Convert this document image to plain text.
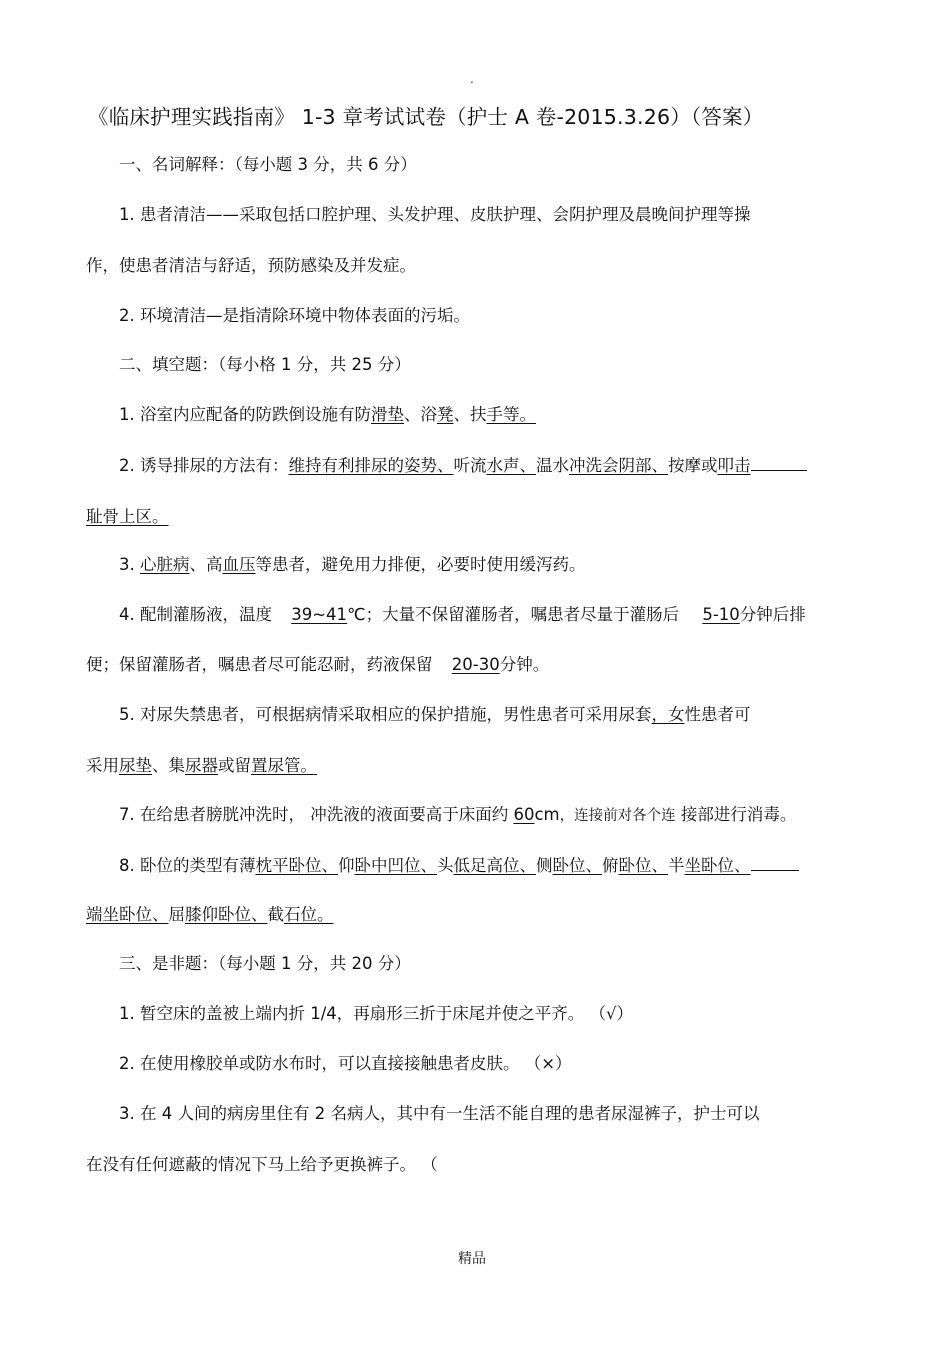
.
《临床护理实践指南》 1-3 章考试试卷（护士 A 卷-2015.3.26）（答案）
一、名词解释：（每小题 3 分，共 6 分）
1. 患者清洁——采取包括口腔护理、头发护理、皮肤护理、会阴护理及晨晚间护理等操
作，使患者清洁与舒适，预防感染及并发症。
2. 环境清洁—是指清除环境中物体表面的污垢。
二、填空题：（每小格 1 分，共 25 分）
1. 浴室内应配备的防跌倒设施有防滑垫、浴凳、扶手等。
2. 诱导排尿的方法有：维持有利排尿的姿势、听流水声、温水冲洗会阴部、按摩或叩击
耻骨上区。
3. 心脏病、高血压等患者，避免用力排便，必要时使用缓泻药。
4. 配制灌肠液，温度 39~41℃；大量不保留灌肠者，嘱患者尽量于灌肠后 5-10分钟后排
便；保留灌肠者，嘱患者尽可能忍耐，药液保留 20-30分钟。
5. 对尿失禁患者，可根据病情采取相应的保护措施，男性患者可采用尿套，女性患者可
采用尿垫、集尿器或留置尿管。
7. 在给患者膀胱冲洗时， 冲洗液的液面要高于床面约 60cm，连接前对各个连 接部进行消毒。
8. 卧位的类型有薄枕平卧位、仰卧中凹位、头低足高位、侧卧位、俯卧位、半坐卧位、
端坐卧位、屈膝仰卧位、截石位。
三、是非题：（每小题 1 分，共 20 分）
1. 暂空床的盖被上端内折 1/4，再扇形三折于床尾并使之平齐。 （√）
2. 在使用橡胶单或防水布时，可以直接接触患者皮肤。 （×）
3. 在 4 人间的病房里住有 2 名病人，其中有一生活不能自理的患者尿湿裤子，护士可以
在没有任何遮蔽的情况下马上给予更换裤子。 （
精品
